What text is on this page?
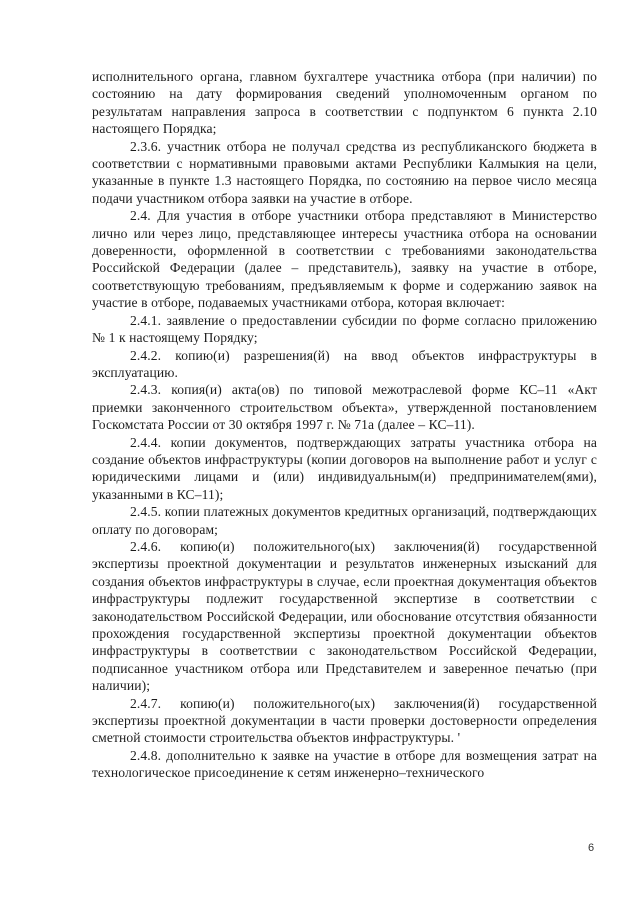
исполнительного органа, главном бухгалтере участника отбора (при наличии) по состоянию на дату формирования сведений уполномоченным органом по результатам направления запроса в соответствии с подпунктом 6 пункта 2.10 настоящего Порядка;

2.3.6. участник отбора не получал средства из республиканского бюджета в соответствии с нормативными правовыми актами Республики Калмыкия на цели, указанные в пункте 1.3 настоящего Порядка, по состоянию на первое число месяца подачи участником отбора заявки на участие в отборе.

2.4. Для участия в отборе участники отбора представляют в Министерство лично или через лицо, представляющее интересы участника отбора на основании доверенности, оформленной в соответствии с требованиями законодательства Российской Федерации (далее – представитель), заявку на участие в отборе, соответствующую требованиям, предъявляемым к форме и содержанию заявок на участие в отборе, подаваемых участниками отбора, которая включает:

2.4.1. заявление о предоставлении субсидии по форме согласно приложению № 1 к настоящему Порядку;

2.4.2. копию(и) разрешения(й) на ввод объектов инфраструктуры в эксплуатацию.

2.4.3. копия(и) акта(ов) по типовой межотраслевой форме КС–11 «Акт приемки законченного строительством объекта», утвержденной постановлением Госкомстата России от 30 октября 1997 г. № 71а (далее – КС–11).

2.4.4. копии документов, подтверждающих затраты участника отбора на создание объектов инфраструктуры (копии договоров на выполнение работ и услуг с юридическими лицами и (или) индивидуальным(и) предпринимателем(ями), указанными в КС–11);

2.4.5. копии платежных документов кредитных организаций, подтверждающих оплату по договорам;

2.4.6. копию(и) положительного(ых) заключения(й) государственной экспертизы проектной документации и результатов инженерных изысканий для создания объектов инфраструктуры в случае, если проектная документация объектов инфраструктуры подлежит государственной экспертизе в соответствии с законодательством Российской Федерации, или обоснование отсутствия обязанности прохождения государственной экспертизы проектной документации объектов инфраструктуры в соответствии с законодательством Российской Федерации, подписанное участником отбора или Представителем и заверенное печатью (при наличии);

2.4.7. копию(и) положительного(ых) заключения(й) государственной экспертизы проектной документации в части проверки достоверности определения сметной стоимости строительства объектов инфраструктуры. '

2.4.8. дополнительно к заявке на участие в отборе для возмещения затрат на технологическое присоединение к сетям инженерно–технического

6
